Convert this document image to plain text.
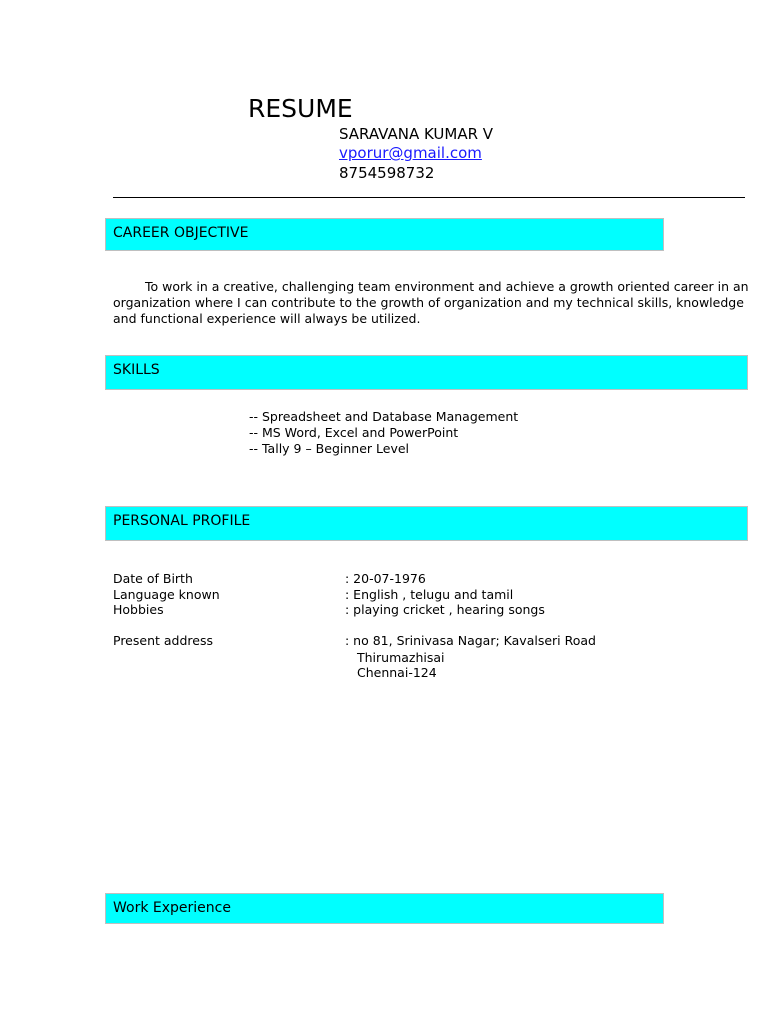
RESUME
SARAVANA KUMAR V
vporur@gmail.com
8754598732
CAREER OBJECTIVE
To work in a creative, challenging team environment and achieve a growth oriented career in an
organization where I can contribute to the growth of organization and my technical skills, knowledge
and functional experience will always be utilized.
SKILLS
-- Spreadsheet and Database Management
-- MS Word, Excel and PowerPoint
-- Tally 9 – Beginner Level
PERSONAL PROFILE
Date of Birth	: 20-07-1976
Language known	: English , telugu and tamil
Hobbies	: playing cricket , hearing songs
Present address	: no 81, Srinivasa Nagar; Kavalseri Road
Thirumazhisai
Chennai-124
Work Experience
